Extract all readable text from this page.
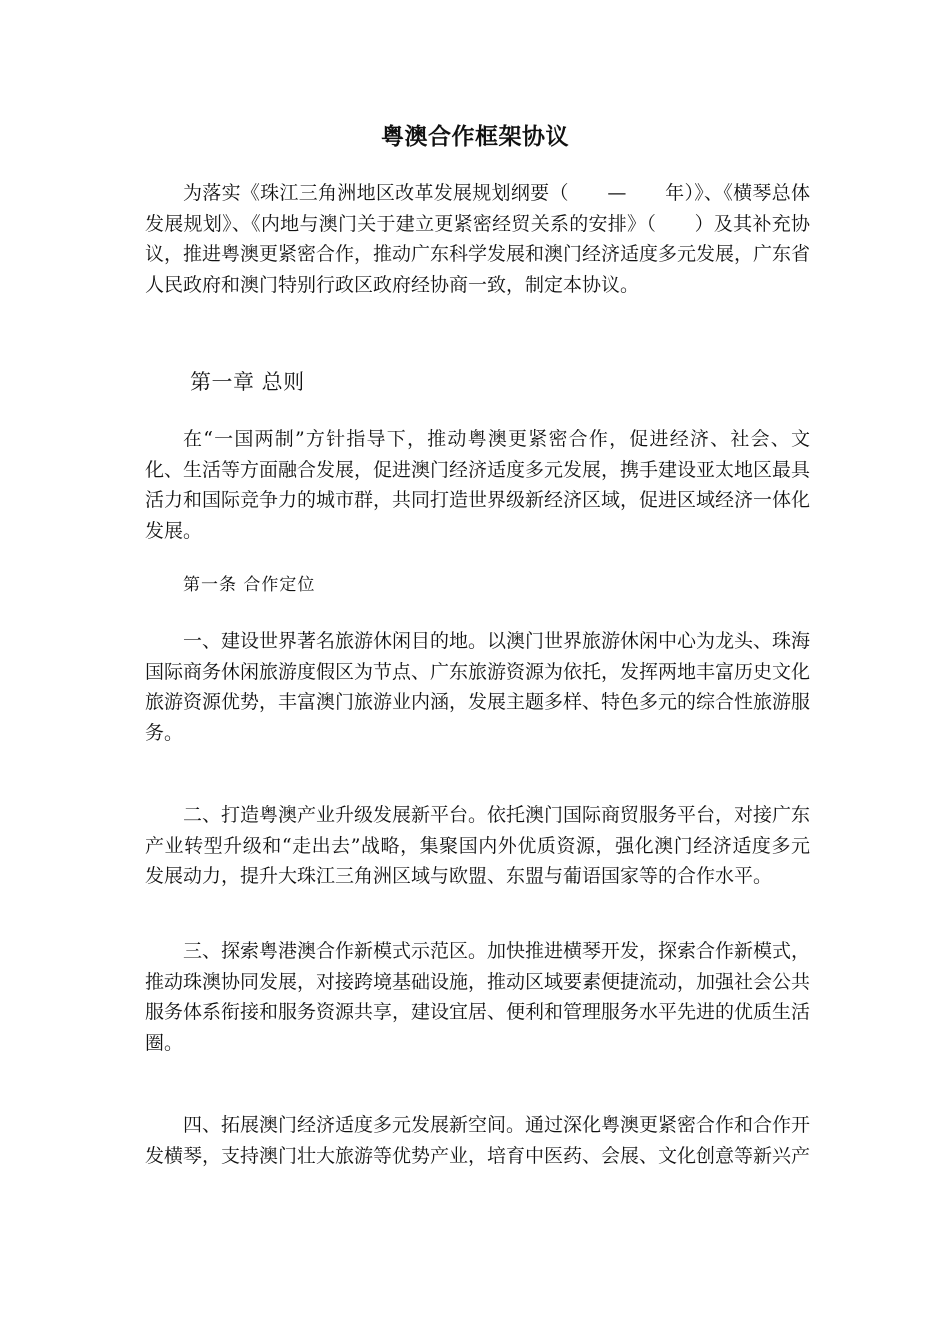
粤澳合作框架协议

为落实《珠江三角洲地区改革发展规划纲要（　　—　　年）》、《横琴总体发展规划》、《内地与澳门关于建立更紧密经贸关系的安排》（　　）及其补充协议，推进粤澳更紧密合作，推动广东科学发展和澳门经济适度多元发展，广东省人民政府和澳门特别行政区政府经协商一致，制定本协议。

第一章 总则

在“一国两制”方针指导下，推动粤澳更紧密合作，促进经济、社会、文化、生活等方面融合发展，促进澳门经济适度多元发展，携手建设亚太地区最具活力和国际竞争力的城市群，共同打造世界级新经济区域，促进区域经济一体化发展。

第一条 合作定位

一、建设世界著名旅游休闲目的地。以澳门世界旅游休闲中心为龙头、珠海国际商务休闲旅游度假区为节点、广东旅游资源为依托，发挥两地丰富历史文化旅游资源优势，丰富澳门旅游业内涵，发展主题多样、特色多元的综合性旅游服务。

二、打造粤澳产业升级发展新平台。依托澳门国际商贸服务平台，对接广东产业转型升级和“走出去”战略，集聚国内外优质资源，强化澳门经济适度多元发展动力，提升大珠江三角洲区域与欧盟、东盟与葡语国家等的合作水平。

三、探索粤港澳合作新模式示范区。加快推进横琴开发，探索合作新模式，推动珠澳协同发展，对接跨境基础设施，推动区域要素便捷流动，加强社会公共服务体系衔接和服务资源共享，建设宜居、便利和管理服务水平先进的优质生活圈。

四、拓展澳门经济适度多元发展新空间。通过深化粤澳更紧密合作和合作开发横琴，支持澳门壮大旅游等优势产业，培育中医药、会展、文化创意等新兴产
